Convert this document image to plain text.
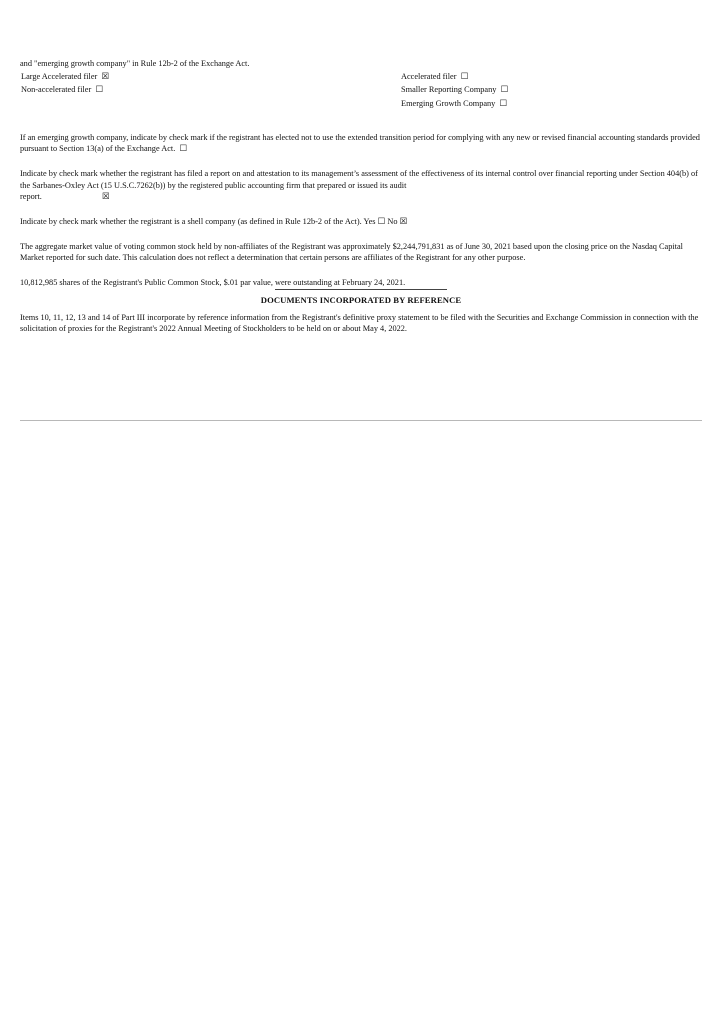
and "emerging growth company" in Rule 12b-2 of the Exchange Act.

Large Accelerated filer ☒
Non-accelerated filer ☐
Accelerated filer ☐
Smaller Reporting Company ☐
Emerging Growth Company ☐

If an emerging growth company, indicate by check mark if the registrant has elected not to use the extended transition period for complying with any new or revised financial accounting standards provided pursuant to Section 13(a) of the Exchange Act. ☐

Indicate by check mark whether the registrant has filed a report on and attestation to its management’s assessment of the effectiveness of its internal control over financial reporting under Section 404(b) of the Sarbanes-Oxley Act (15 U.S.C.7262(b)) by the registered public accounting firm that prepared or issued its audit
report.	☒

Indicate by check mark whether the registrant is a shell company (as defined in Rule 12b-2 of the Act). Yes ☐ No ☒

The aggregate market value of voting common stock held by non-affiliates of the Registrant was approximately $2,244,791,831 as of June 30, 2021 based upon the closing price on the Nasdaq Capital Market reported for such date. This calculation does not reflect a determination that certain persons are affiliates of the Registrant for any other purpose.

10,812,985 shares of the Registrant's Public Common Stock, $.01 par value, were outstanding at February 24, 2021.

DOCUMENTS INCORPORATED BY REFERENCE

Items 10, 11, 12, 13 and 14 of Part III incorporate by reference information from the Registrant's definitive proxy statement to be filed with the Securities and Exchange Commission in connection with the solicitation of proxies for the Registrant's 2022 Annual Meeting of Stockholders to be held on or about May 4, 2022.
